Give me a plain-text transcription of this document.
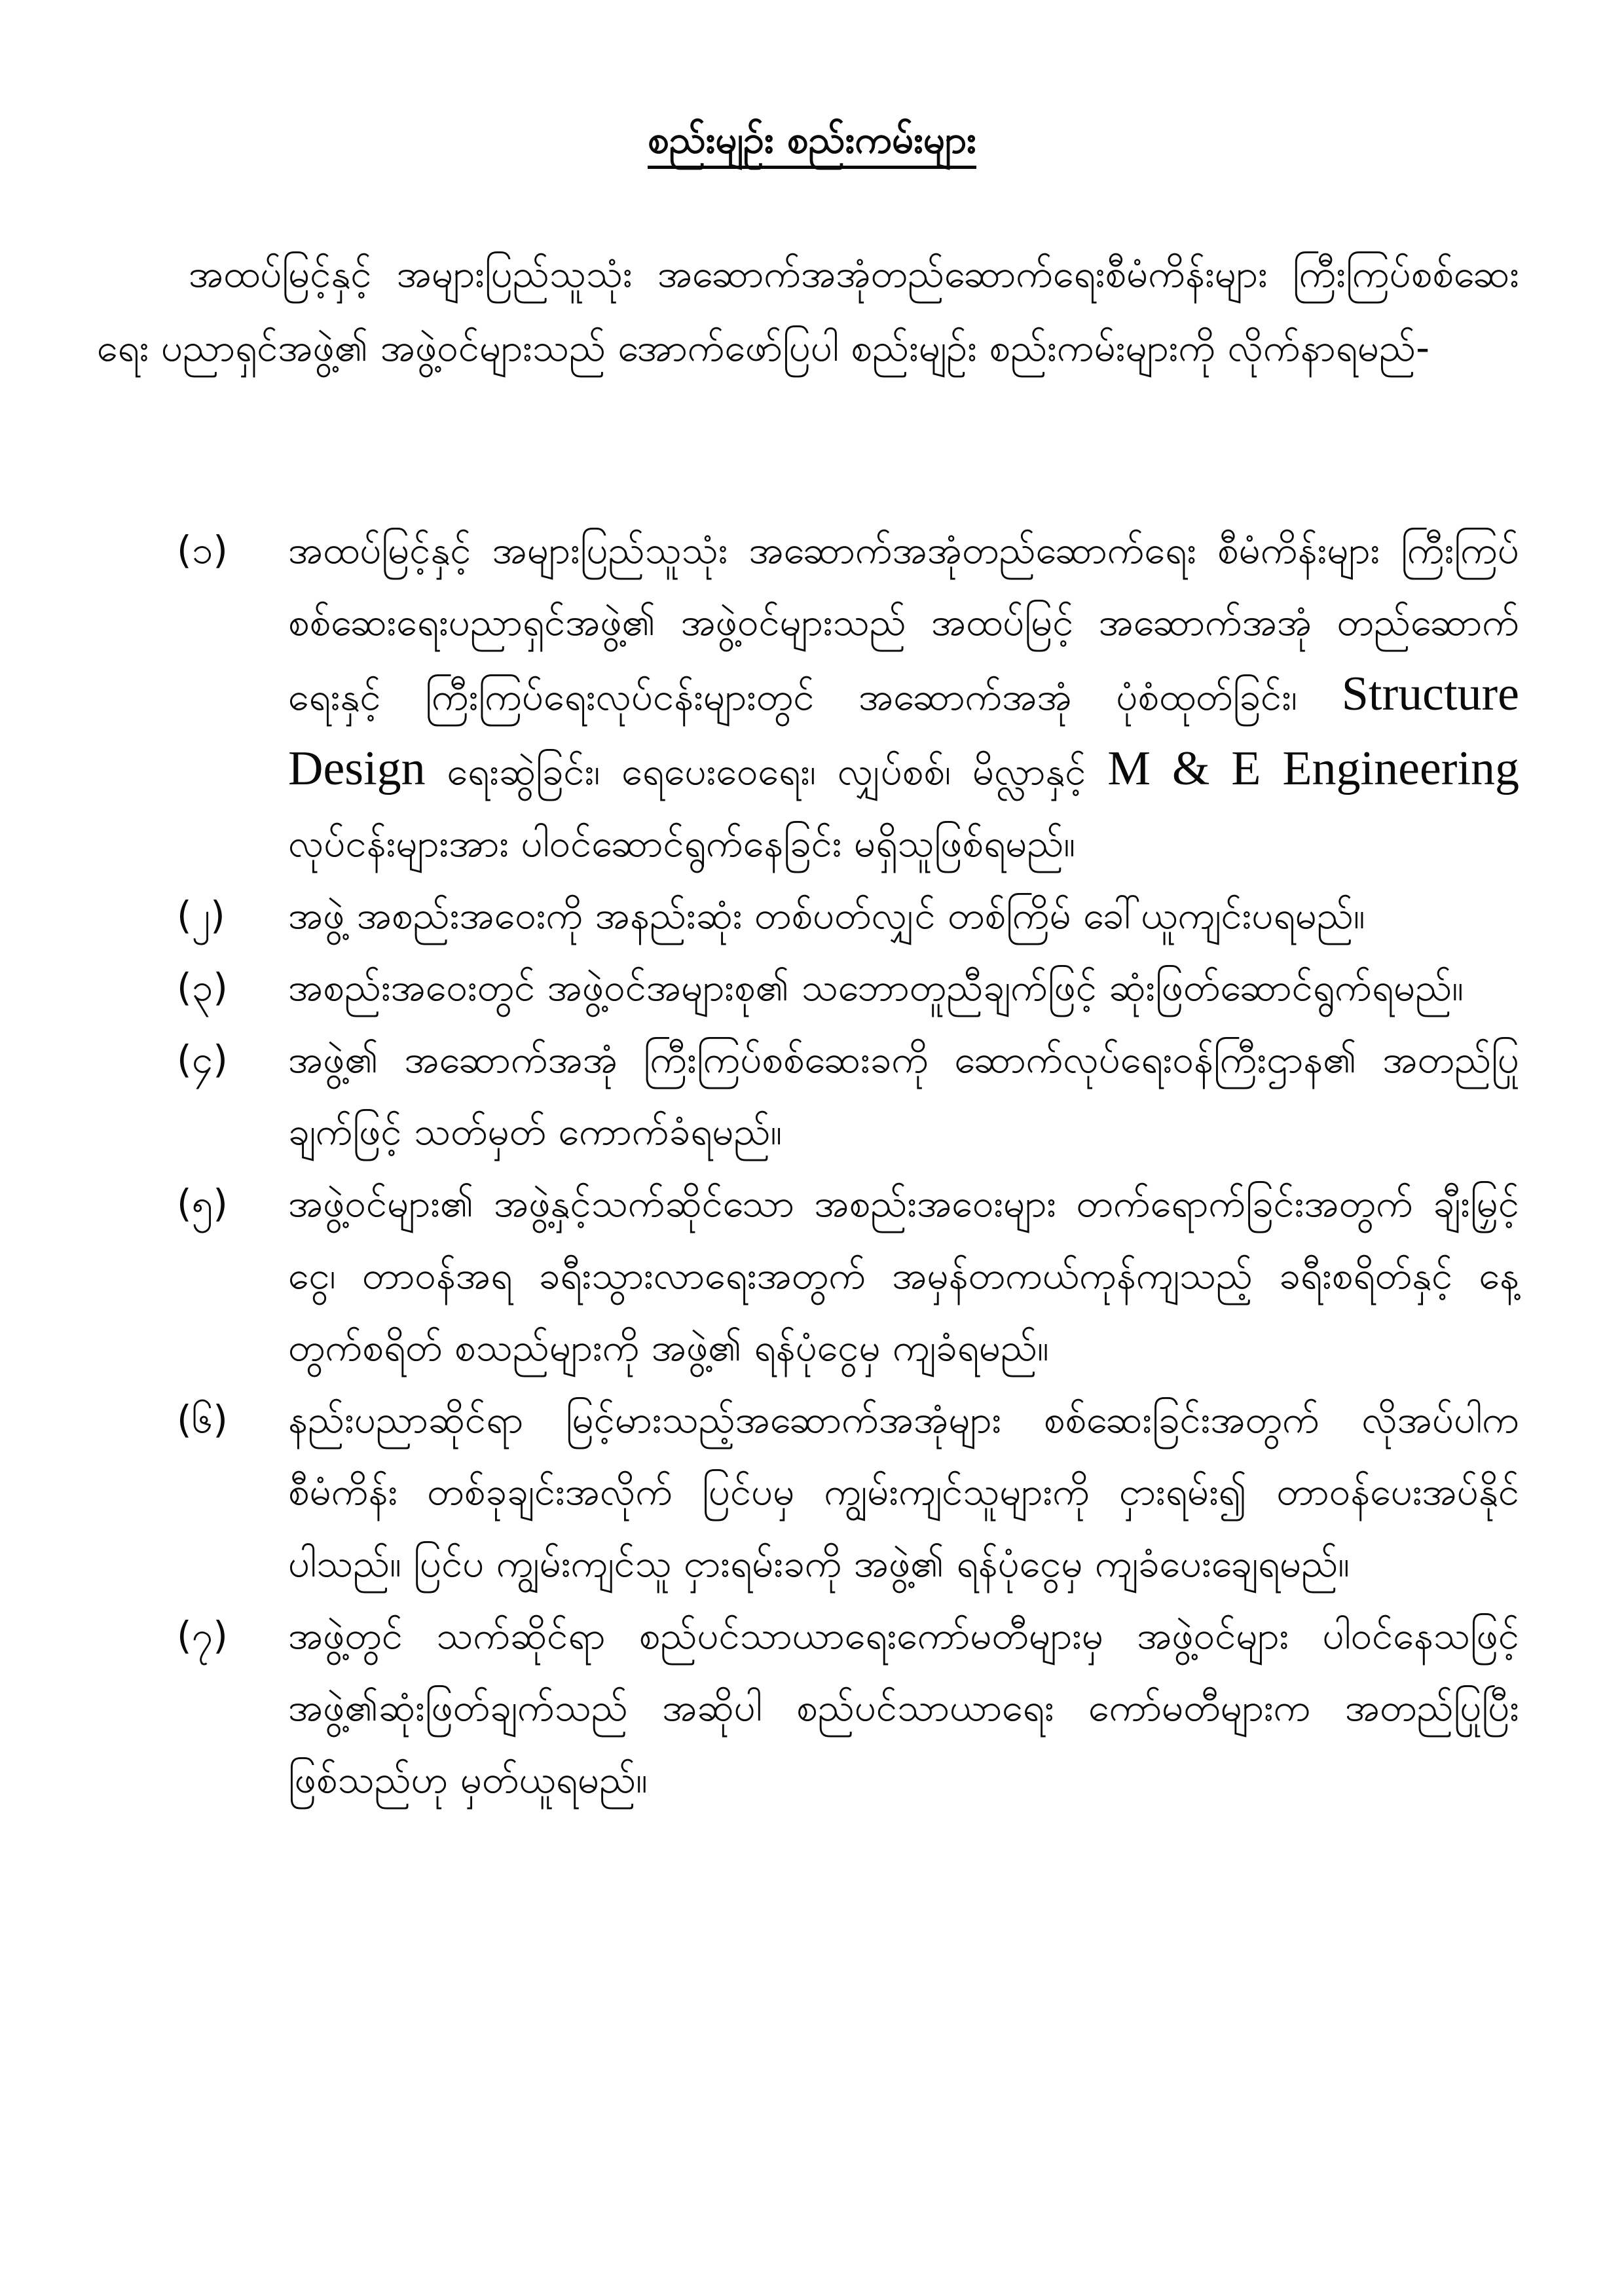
စည်းမျဉ်း စည်းကမ်းများ

အထပ်မြင့်နှင့် အများပြည်သူသုံး အဆောက်အအုံတည်ဆောက်ရေးစီမံကိန်းများ ကြီးကြပ်စစ်ဆေးရေး ပညာရှင်အဖွဲ့၏ အဖွဲ့ဝင်များသည် အောက်ဖော်ပြပါ စည်းမျဉ်း စည်းကမ်းများကို လိုက်နာရမည်-

(၁)	အထပ်မြင့်နှင့် အများပြည်သူသုံး အဆောက်အအုံတည်ဆောက်ရေး စီမံကိန်းများ ကြီးကြပ်စစ်ဆေးရေးပညာရှင်အဖွဲ့၏ အဖွဲ့ဝင်များသည် အထပ်မြင့် အဆောက်အအုံ တည်ဆောက်ရေးနှင့် ကြီးကြပ်ရေးလုပ်ငန်းများတွင် အဆောက်အအုံ ပုံစံထုတ်ခြင်း၊ Structure Design ရေးဆွဲခြင်း၊ ရေပေးဝေရေး၊ လျှပ်စစ်၊ မိလ္လာနှင့် M & E Engineering လုပ်ငန်းများအား ပါဝင်ဆောင်ရွက်နေခြင်း မရှိသူဖြစ်ရမည်။

(၂)	အဖွဲ့ အစည်းအဝေးကို အနည်းဆုံး တစ်ပတ်လျှင် တစ်ကြိမ် ခေါ်ယူကျင်းပရမည်။

(၃)	အစည်းအဝေးတွင် အဖွဲ့ဝင်အများစု၏ သဘောတူညီချက်ဖြင့် ဆုံးဖြတ်ဆောင်ရွက်ရမည်။

(၄)	အဖွဲ့၏ အဆောက်အအုံ ကြီးကြပ်စစ်ဆေးခကို ဆောက်လုပ်ရေးဝန်ကြီးဌာန၏ အတည်ပြုချက်ဖြင့် သတ်မှတ် ကောက်ခံရမည်။

(၅)	အဖွဲ့ဝင်များ၏ အဖွဲ့နှင့်သက်ဆိုင်သော အစည်းအဝေးများ တက်ရောက်ခြင်းအတွက် ချီးမြှင့်ငွေ၊ တာဝန်အရ ခရီးသွားလာရေးအတွက် အမှန်တကယ်ကုန်ကျသည့် ခရီးစရိတ်နှင့် နေ့တွက်စရိတ် စသည်များကို အဖွဲ့၏ ရန်ပုံငွေမှ ကျခံရမည်။

(၆)	နည်းပညာဆိုင်ရာ မြင့်မားသည့်အဆောက်အအုံများ စစ်ဆေးခြင်းအတွက် လိုအပ်ပါက စီမံကိန်း တစ်ခုချင်းအလိုက် ပြင်ပမှ ကျွမ်းကျင်သူများကို ငှားရမ်း၍ တာဝန်ပေးအပ်နိုင်ပါသည်။ ပြင်ပ ကျွမ်းကျင်သူ ငှားရမ်းခကို အဖွဲ့၏ ရန်ပုံငွေမှ ကျခံပေးချေရမည်။

(၇)	အဖွဲ့တွင် သက်ဆိုင်ရာ စည်ပင်သာယာရေးကော်မတီများမှ အဖွဲ့ဝင်များ ပါဝင်နေသဖြင့် အဖွဲ့၏ဆုံးဖြတ်ချက်သည် အဆိုပါ စည်ပင်သာယာရေး ကော်မတီများက အတည်ပြုပြီးဖြစ်သည်ဟု မှတ်ယူရမည်။
